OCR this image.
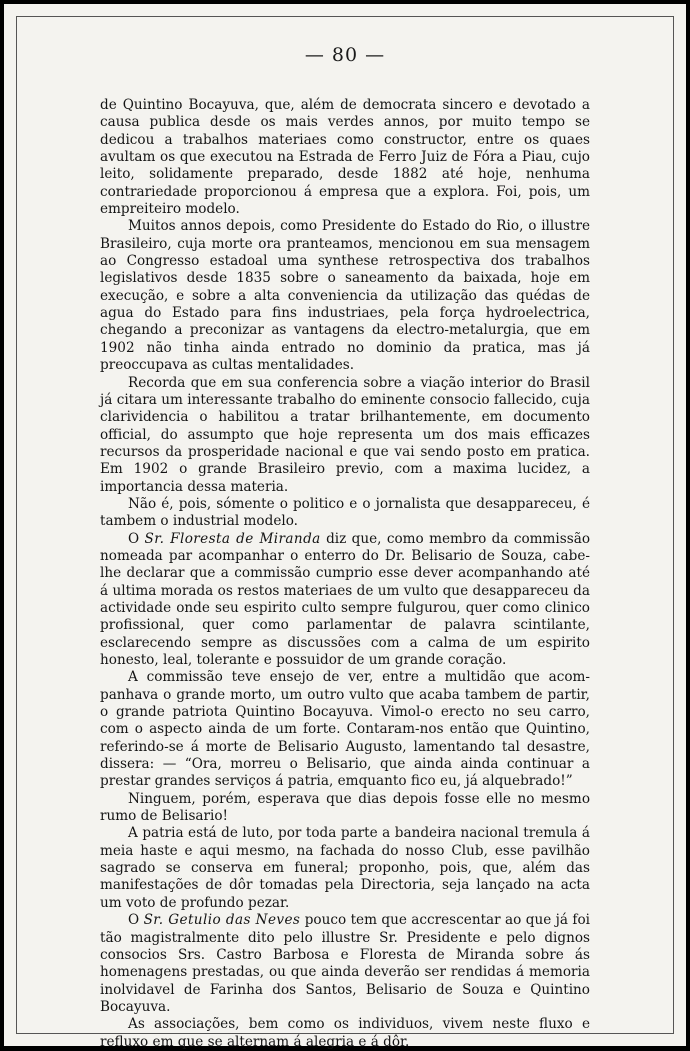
— 80 —

de Quintino Bocayuva, que, além de democrata sincero e devotado a causa publica desde os mais verdes annos, por muito tempo se dedicou a trabalhos materiaes como constructor, entre os quaes avultam os que executou na Estrada de Ferro Juiz de Fóra a Piau, cujo leito, solidamente preparado, desde 1882 até hoje, nenhuma contrariedade proporcionou á empresa que a explora. Foi, pois, um empreiteiro modelo.

Muitos annos depois, como Presidente do Estado do Rio, o illustre Brasileiro, cuja morte ora pranteamos, mencionou em sua mensagem ao Congresso estadoal uma synthese retrospectiva dos trabalhos legislativos desde 1835 sobre o saneamento da baixada, hoje em execução, e sobre a alta conveniencia da utilização das quédas de agua do Estado para fins industriaes, pela força hydroelectrica, chegando a preconizar as vantagens da electro-metalurgia, que em 1902 não tinha ainda entrado no dominio da pratica, mas já preoccupava as cultas mentalidades.

Recorda que em sua conferencia sobre a viação interior do Brasil já citara um interessante trabalho do eminente consocio fallecido, cuja clarividencia o habilitou a tratar brilhantemente, em documento official, do assumpto que hoje representa um dos mais efficazes recursos da prosperidade nacional e que vai sendo posto em pratica. Em 1902 o grande Brasileiro previo, com a maxima lucidez, a importancia dessa materia.

Não é, pois, sómente o politico e o jornalista que desappareceu, é tambem o industrial modelo.

O Sr. Floresta de Miranda diz que, como membro da commissão nomeada par acompanhar o enterro do Dr. Belisario de Souza, cabe-lhe declarar que a commissão cumprio esse dever acompanhando até á ultima morada os restos materiaes de um vulto que desappareceu da actividade onde seu espirito culto sempre fulgurou, quer como clinico profissional, quer como parlamentar de palavra scintilante, esclarecendo sempre as discussões com a calma de um espirito honesto, leal, tolerante e possuidor de um grande coração.

A commissão teve ensejo de ver, entre a multidão que acompanhava o grande morto, um outro vulto que acaba tambem de partir, o grande patriota Quintino Bocayuva. Vimol-o erecto no seu carro, com o aspecto ainda de um forte. Contaram-nos então que Quintino, referindo-se á morte de Belisario Augusto, lamentando tal desastre, dissera: — “Ora, morreu o Belisario, que ainda ainda continuar a prestar grandes serviços á patria, emquanto fico eu, já alquebrado!”

Ninguem, porém, esperava que dias depois fosse elle no mesmo rumo de Belisario!

A patria está de luto, por toda parte a bandeira nacional tremula á meia haste e aqui mesmo, na fachada do nosso Club, esse pavilhão sagrado se conserva em funeral; proponho, pois, que, além das manifestações de dôr tomadas pela Directoria, seja lançado na acta um voto de profundo pezar.

O Sr. Getulio das Neves pouco tem que accrescentar ao que já foi tão magistralmente dito pelo illustre Sr. Presidente e pelo dignos consocios Srs. Castro Barbosa e Floresta de Miranda sobre ás homenagens prestadas, ou que ainda deverão ser rendidas á memoria inolvidavel de Farinha dos Santos, Belisario de Souza e Quintino Bocayuva.

As associações, bem como os individuos, vivem neste fluxo e refluxo em que se alternam á alegria e á dôr.
